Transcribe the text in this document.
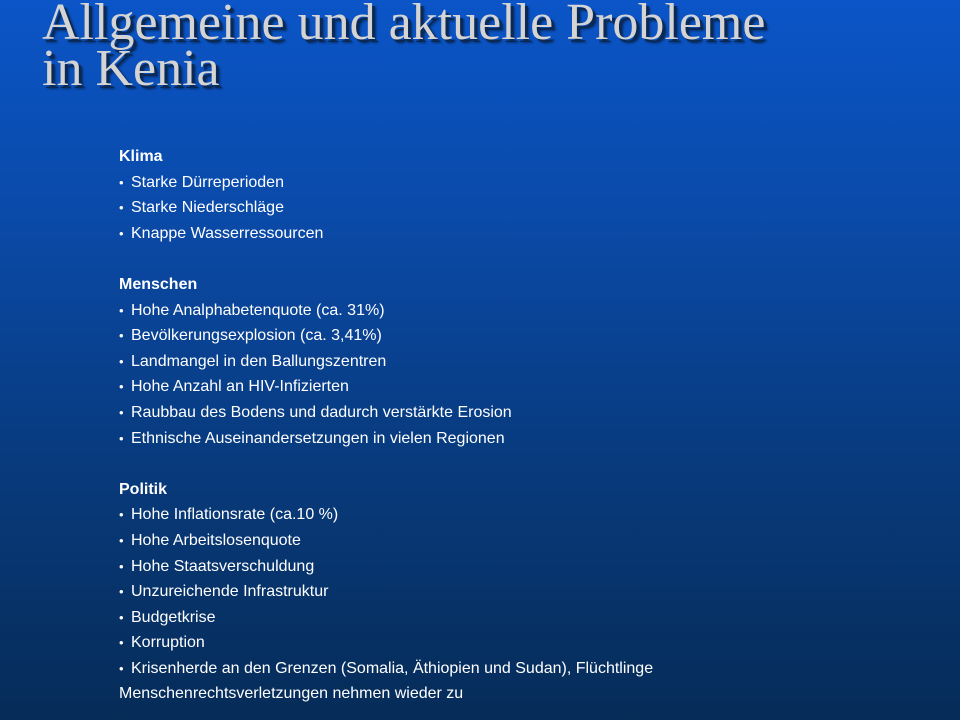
Allgemeine und aktuelle Probleme
in Kenia
Klima
• Starke Dürreperioden
• Starke Niederschläge
• Knappe Wasserressourcen
Menschen
• Hohe Analphabetenquote (ca. 31%)
• Bevölkerungsexplosion (ca. 3,41%)
• Landmangel in den Ballungszentren
• Hohe Anzahl an HIV-Infizierten
• Raubbau des Bodens und dadurch verstärkte Erosion
• Ethnische Auseinandersetzungen in vielen Regionen
Politik
• Hohe Inflationsrate (ca.10 %)
• Hohe Arbeitslosenquote
• Hohe Staatsverschuldung
• Unzureichende Infrastruktur
• Budgetkrise
• Korruption
• Krisenherde an den Grenzen (Somalia, Äthiopien und Sudan), Flüchtlinge
Menschenrechtsverletzungen nehmen wieder zu
